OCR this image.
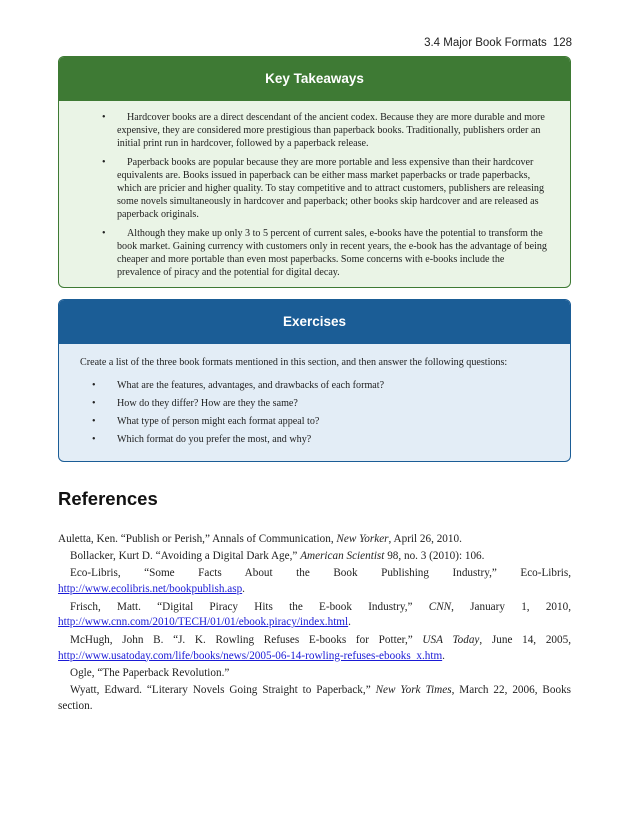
3.4 Major Book Formats 128
Key Takeaways
• Hardcover books are a direct descendant of the ancient codex. Because they are more durable and more expensive, they are considered more prestigious than paperback books. Traditionally, publishers order an initial print run in hardcover, followed by a paperback release.
• Paperback books are popular because they are more portable and less expensive than their hardcover equivalents are. Books issued in paperback can be either mass market paperbacks or trade paperbacks, which are pricier and higher quality. To stay competitive and to attract customers, publishers are releasing some novels simultaneously in hardcover and paperback; other books skip hardcover and are released as paperback originals.
• Although they make up only 3 to 5 percent of current sales, e-books have the potential to transform the book market. Gaining currency with customers only in recent years, the e-book has the advantage of being cheaper and more portable than even most paperbacks. Some concerns with e-books include the prevalence of piracy and the potential for digital decay.
Exercises

Create a list of the three book formats mentioned in this section, and then answer the following questions:

• What are the features, advantages, and drawbacks of each format?
• How do they differ? How are they the same?
• What type of person might each format appeal to?
• Which format do you prefer the most, and why?
References

Auletta, Ken. “Publish or Perish,” Annals of Communication, New Yorker, April 26, 2010.

Bollacker, Kurt D. “Avoiding a Digital Dark Age,” American Scientist 98, no. 3 (2010): 106.

Eco-Libris, “Some Facts About the Book Publishing Industry,” Eco-Libris, http://www.ecolibris.net/bookpublish.asp.

Frisch, Matt. “Digital Piracy Hits the E-book Industry,” CNN, January 1, 2010, http://www.cnn.com/2010/TECH/01/01/ebook.piracy/index.html.

McHugh, John B. “J. K. Rowling Refuses E-books for Potter,” USA Today, June 14, 2005, http://www.usatoday.com/life/books/news/2005-06-14-rowling-refuses-ebooks_x.htm.

Ogle, “The Paperback Revolution.”

Wyatt, Edward. “Literary Novels Going Straight to Paperback,” New York Times, March 22, 2006, Books section.
